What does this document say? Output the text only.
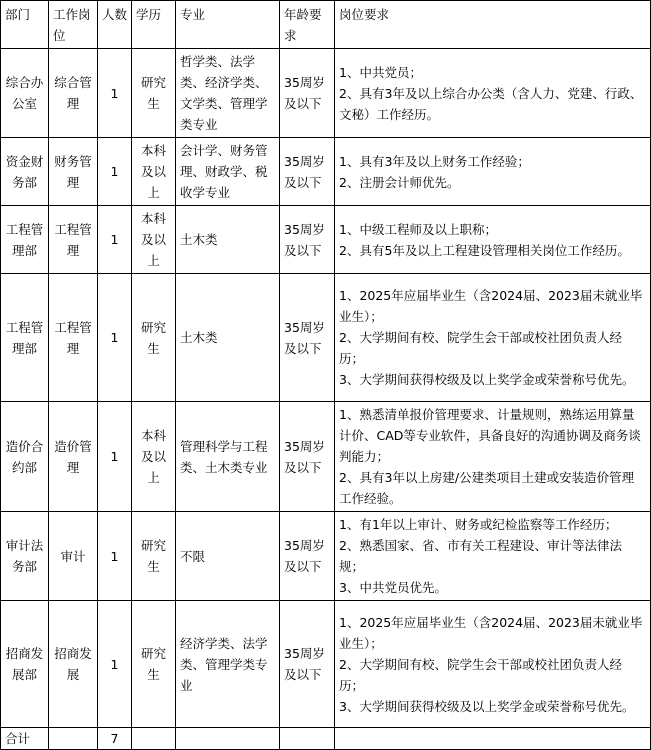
部门	工作岗位	人数	学历	专业	年龄要求	岗位要求
综合办公室	综合管理	1	研究生	哲学类、法学类、经济学类、文学类、管理学类专业	35周岁及以下	1、中共党员；
2、具有3年及以上综合办公类（含人力、党建、行政、文秘）工作经历。
资金财务部	财务管理	1	本科及以上	会计学、财务管理、财政学、税收学专业	35周岁及以下	1、具有3年及以上财务工作经验；
2、注册会计师优先。
工程管理部	工程管理	1	本科及以上	土木类	35周岁及以下	1、中级工程师及以上职称；
2、具有5年及以上工程建设管理相关岗位工作经历。
工程管理部	工程管理	1	研究生	土木类	35周岁及以下	1、2025年应届毕业生（含2024届、2023届未就业毕业生）；
2、大学期间有校、院学生会干部或校社团负责人经历；
3、大学期间获得校级及以上奖学金或荣誉称号优先。
造价合约部	造价管理	1	本科及以上	管理科学与工程类、土木类专业	35周岁及以下	1、熟悉清单报价管理要求、计量规则，熟练运用算量计价、CAD等专业软件，具备良好的沟通协调及商务谈判能力；
2、具有3年以上房建/公建类项目土建或安装造价管理工作经验。
审计法务部	审计	1	研究生	不限	35周岁及以下	1、有1年以上审计、财务或纪检监察等工作经历；
2、熟悉国家、省、市有关工程建设、审计等法律法规；
3、中共党员优先。
招商发展部	招商发展	1	研究生	经济学类、法学类、管理学类专业	35周岁及以下	1、2025年应届毕业生（含2024届、2023届未就业毕业生）；
2、大学期间有校、院学生会干部或校社团负责人经历；
3、大学期间获得校级及以上奖学金或荣誉称号优先。
合计		7				
